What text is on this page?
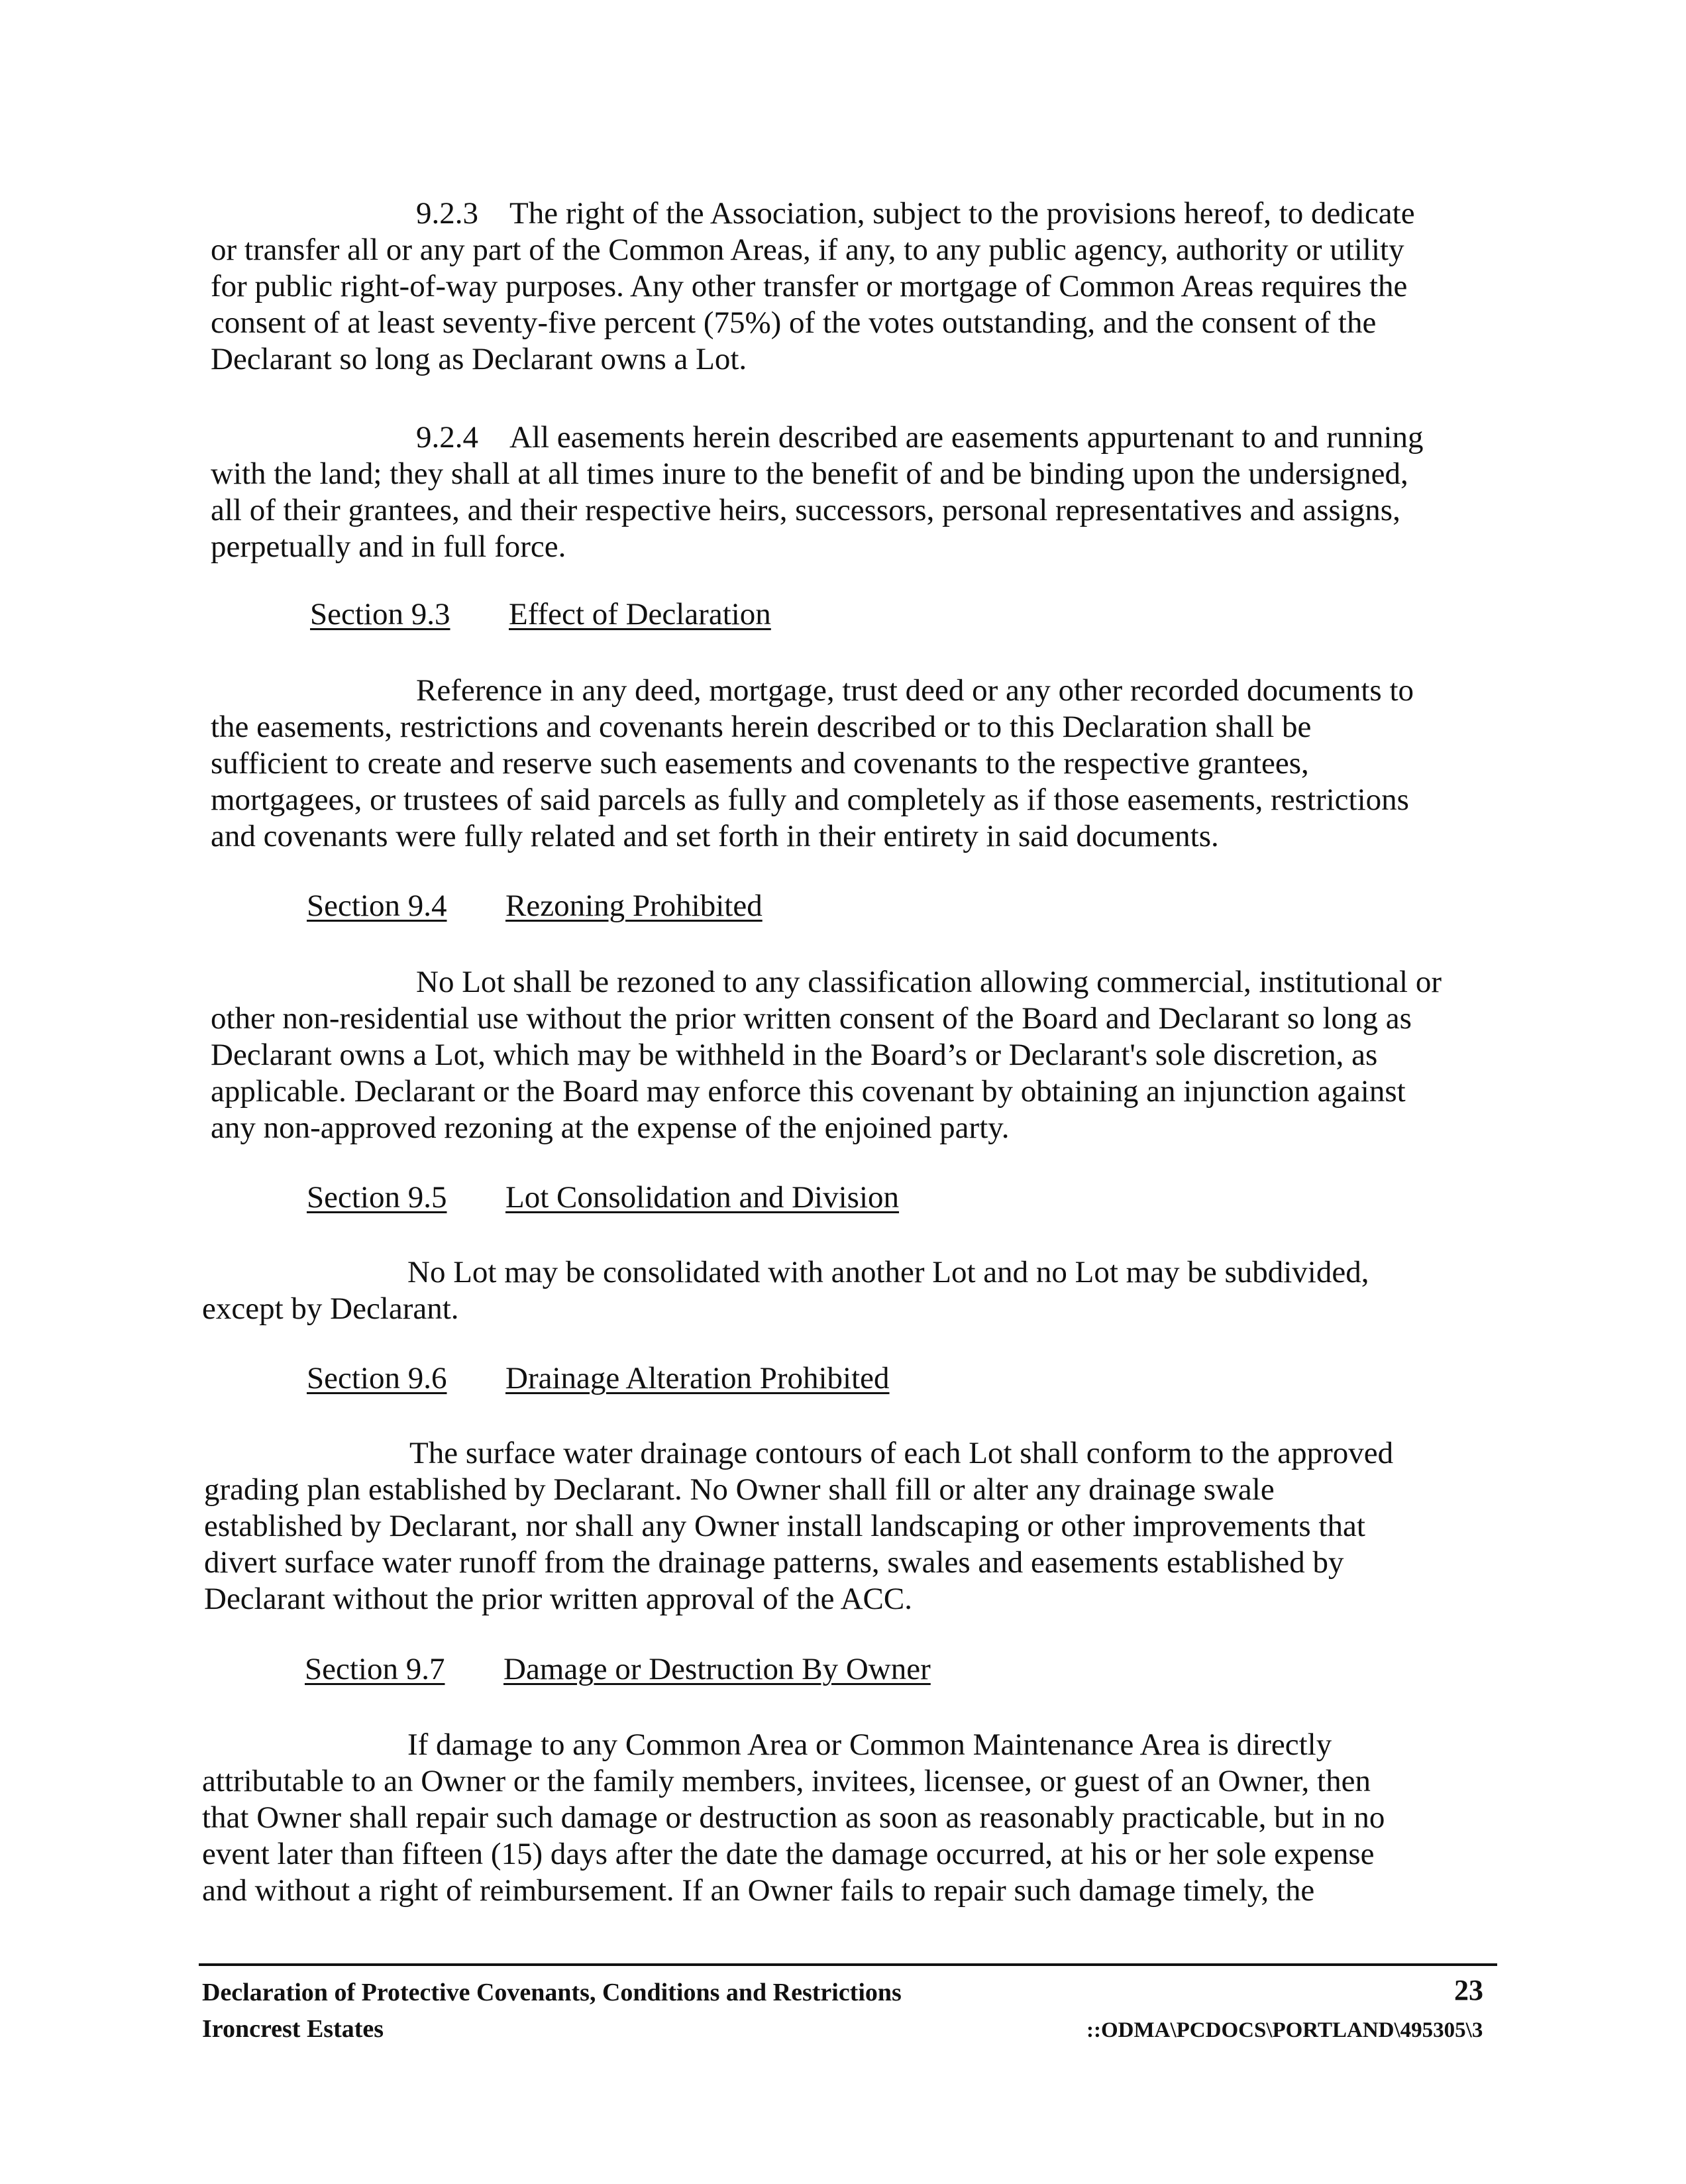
9.2.3    The right of the Association, subject to the provisions hereof, to dedicate
or transfer all or any part of the Common Areas, if any, to any public agency, authority or utility
for public right-of-way purposes. Any other transfer or mortgage of Common Areas requires the
consent of at least seventy-five percent (75%) of the votes outstanding, and the consent of the
Declarant so long as Declarant owns a Lot.
9.2.4    All easements herein described are easements appurtenant to and running
with the land; they shall at all times inure to the benefit of and be binding upon the undersigned,
all of their grantees, and their respective heirs, successors, personal representatives and assigns,
perpetually and in full force.
Section 9.3 Effect of Declaration
Reference in any deed, mortgage, trust deed or any other recorded documents to
the easements, restrictions and covenants herein described or to this Declaration shall be
sufficient to create and reserve such easements and covenants to the respective grantees,
mortgagees, or trustees of said parcels as fully and completely as if those easements, restrictions
and covenants were fully related and set forth in their entirety in said documents.
Section 9.4 Rezoning Prohibited
No Lot shall be rezoned to any classification allowing commercial, institutional or
other non-residential use without the prior written consent of the Board and Declarant so long as
Declarant owns a Lot, which may be withheld in the Board’s or Declarant's sole discretion, as
applicable. Declarant or the Board may enforce this covenant by obtaining an injunction against
any non-approved rezoning at the expense of the enjoined party.
Section 9.5 Lot Consolidation and Division
No Lot may be consolidated with another Lot and no Lot may be subdivided,
except by Declarant.
Section 9.6 Drainage Alteration Prohibited
The surface water drainage contours of each Lot shall conform to the approved
grading plan established by Declarant. No Owner shall fill or alter any drainage swale
established by Declarant, nor shall any Owner install landscaping or other improvements that
divert surface water runoff from the drainage patterns, swales and easements established by
Declarant without the prior written approval of the ACC.
Section 9.7 Damage or Destruction By Owner
If damage to any Common Area or Common Maintenance Area is directly
attributable to an Owner or the family members, invitees, licensee, or guest of an Owner, then
that Owner shall repair such damage or destruction as soon as reasonably practicable, but in no
event later than fifteen (15) days after the date the damage occurred, at his or her sole expense
and without a right of reimbursement. If an Owner fails to repair such damage timely, the
Declaration of Protective Covenants, Conditions and Restrictions
Ironcrest Estates
23
::ODMA\PCDOCS\PORTLAND\495305\3
